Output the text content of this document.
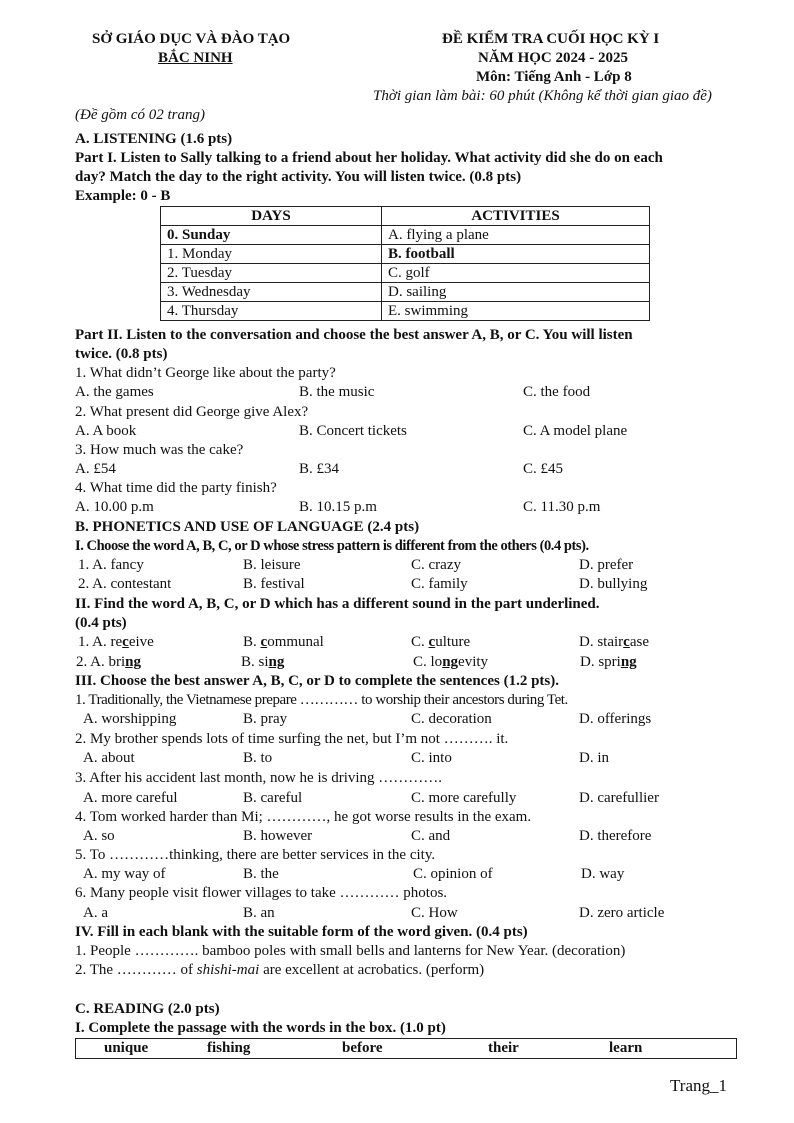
SỞ GIÁO DỤC VÀ ĐÀO TẠO
BẮC NINH
ĐỀ KIỂM TRA CUỐI HỌC KỲ I
NĂM HỌC 2024 - 2025
Môn: Tiếng Anh - Lớp 8
Thời gian làm bài: 60 phút (Không kể thời gian giao đề)
(Đề gồm có 02 trang)
A. LISTENING (1.6 pts)
Part I. Listen to Sally talking to a friend about her holiday. What activity did she do on each
day? Match the day to the right activity. You will listen twice. (0.8 pts)
Example: 0 - B
DAYS	ACTIVITIES
0. Sunday	A. flying a plane
1. Monday	B. football
2. Tuesday	C. golf
3. Wednesday	D. sailing
4. Thursday	E. swimming
Part II. Listen to the conversation and choose the best answer A, B, or C. You will listen
twice. (0.8 pts)
1. What didn’t George like about the party?
A. the games	B. the music	C. the food
2. What present did George give Alex?
A. A book	B. Concert tickets	C. A model plane
3. How much was the cake?
A. £54	B. £34	C. £45
4. What time did the party finish?
A. 10.00 p.m	B. 10.15 p.m	C. 11.30 p.m
B. PHONETICS AND USE OF LANGUAGE (2.4 pts)
I. Choose the word A, B, C, or D whose stress pattern is different from the others (0.4 pts).
1. A. fancy	B. leisure	C. crazy	D. prefer
2. A. contestant	B. festival	C. family	D. bullying
II. Find the word A, B, C, or D which has a different sound in the part underlined.
(0.4 pts)
1. A. receive	B. communal	C. culture	D. staircase
2. A. bring	B. sing	C. longevity	D. spring
III. Choose the best answer A, B, C, or D to complete the sentences (1.2 pts).
1. Traditionally, the Vietnamese prepare ………… to worship their ancestors during Tet.
A. worshipping	B. pray	C. decoration	D. offerings
2. My brother spends lots of time surfing the net, but I’m not ………. it.
A. about	B. to	C. into	D. in
3. After his accident last month, now he is driving ………….
A. more careful	B. careful	C. more carefully	D. carefullier
4. Tom worked harder than Mi; …………, he got worse results in the exam.
A. so	B. however	C. and	D. therefore
5. To …………thinking, there are better services in the city.
A. my way of	B. the	C. opinion of	D. way
6. Many people visit flower villages to take ………… photos.
A. a	B. an	C. How	D. zero article
IV. Fill in each blank with the suitable form of the word given. (0.4 pts)
1. People …………. bamboo poles with small bells and lanterns for New Year. (decoration)
2. The ………… of shishi-mai are excellent at acrobatics. (perform)
C. READING (2.0 pts)
I. Complete the passage with the words in the box. (1.0 pt)
unique	fishing	before	their	learn
Trang_1
